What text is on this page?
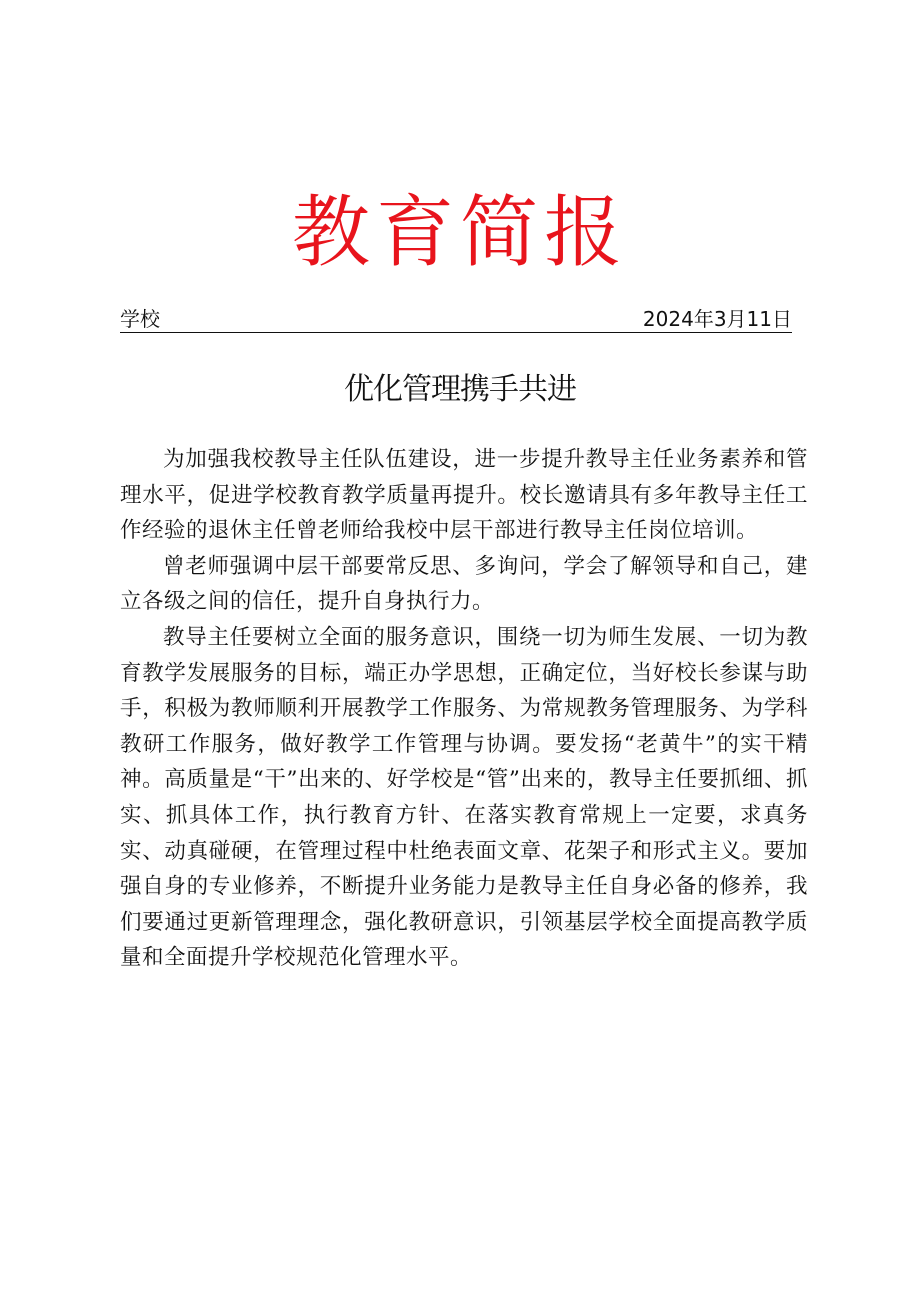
教育简报
学校	2024年3月11日
优化管理携手共进

为加强我校教导主任队伍建设，进一步提升教导主任业务素养和管理水平，促进学校教育教学质量再提升。校长邀请具有多年教导主任工作经验的退休主任曾老师给我校中层干部进行教导主任岗位培训。

曾老师强调中层干部要常反思、多询问，学会了解领导和自己，建立各级之间的信任，提升自身执行力。

教导主任要树立全面的服务意识，围绕一切为师生发展、一切为教育教学发展服务的目标，端正办学思想，正确定位，当好校长参谋与助手，积极为教师顺利开展教学工作服务、为常规教务管理服务、为学科教研工作服务，做好教学工作管理与协调。要发扬“老黄牛”的实干精神。高质量是“干”出来的、好学校是“管”出来的，教导主任要抓细、抓实、抓具体工作，执行教育方针、在落实教育常规上一定要，求真务实、动真碰硬，在管理过程中杜绝表面文章、花架子和形式主义。要加强自身的专业修养，不断提升业务能力是教导主任自身必备的修养，我们要通过更新管理理念，强化教研意识，引领基层学校全面提高教学质量和全面提升学校规范化管理水平。
